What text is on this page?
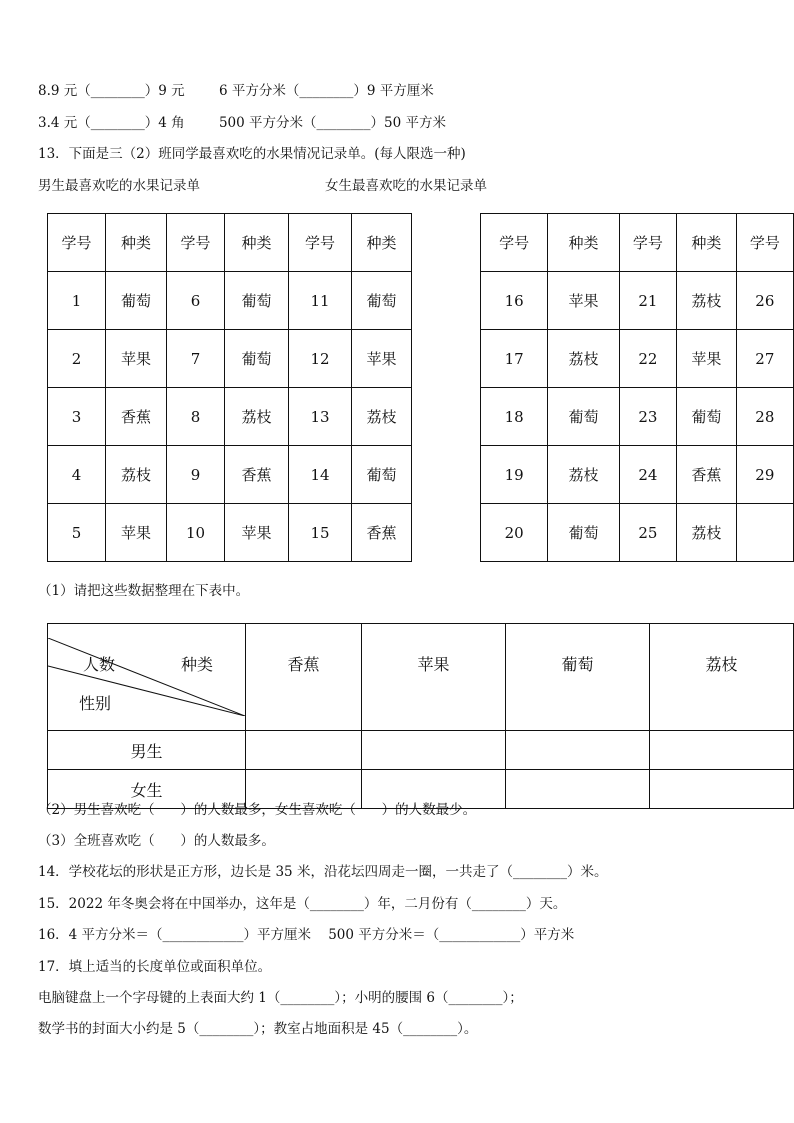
8.9 元（________）9 元        6 平方分米（________）9 平方厘米
3.4 元（________）4 角        500 平方分米（________）50 平方米
13．下面是三（2）班同学最喜欢吃的水果情况记录单。(每人限选一种)
男生最喜欢吃的水果记录单	女生最喜欢吃的水果记录单
学号	种类	学号	种类	学号	种类
1	葡萄	6	葡萄	11	葡萄
2	苹果	7	葡萄	12	苹果
3	香蕉	8	荔枝	13	荔枝
4	荔枝	9	香蕉	14	葡萄
5	苹果	10	苹果	15	香蕉
学号	种类	学号	种类	学号
16	苹果	21	荔枝	26
17	荔枝	22	苹果	27
18	葡萄	23	葡萄	28
19	荔枝	24	香蕉	29
20	葡萄	25	荔枝	
（1）请把这些数据整理在下表中。
人数 种类
性别	香蕉	苹果	葡萄	荔枝
男生				
女生				
（2）男生喜欢吃（      ）的人数最多，女生喜欢吃（      ）的人数最少。
（3）全班喜欢吃（      ）的人数最多。
14．学校花坛的形状是正方形，边长是 35 米，沿花坛四周走一圈，一共走了（________）米。
15．2022 年冬奥会将在中国举办，这年是（________）年，二月份有（________）天。
16．4 平方分米＝（____________）平方厘米    500 平方分米＝（____________）平方米
17．填上适当的长度单位或面积单位。
电脑键盘上一个字母键的上表面大约 1（________）；小明的腰围 6（________）；
数学书的封面大小约是 5（________）；教室占地面积是 45（________）。
